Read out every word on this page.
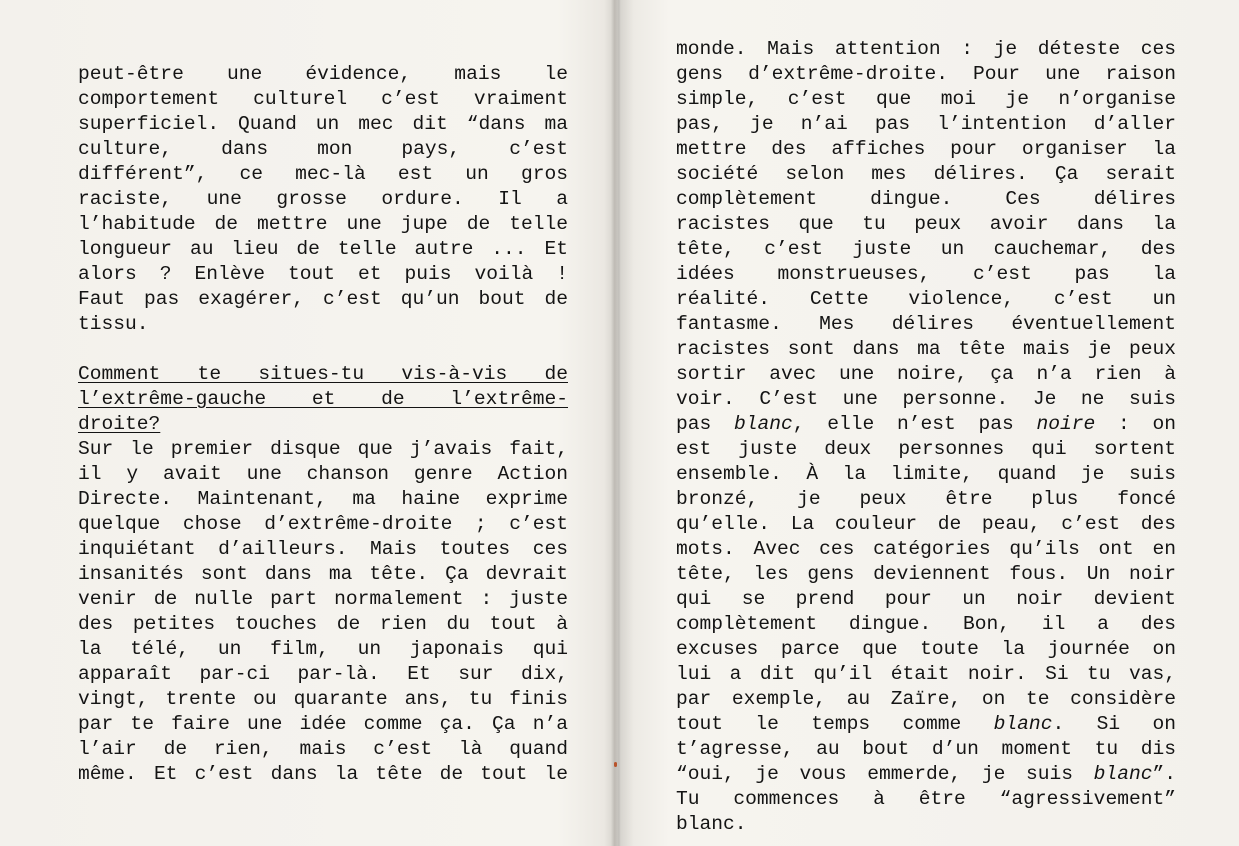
peut-être une évidence, mais le
comportement culturel c’est vraiment
superficiel. Quand un mec dit “dans ma
culture, dans mon pays, c’est
différent”, ce mec-là est un gros
raciste, une grosse ordure. Il a
l’habitude de mettre une jupe de telle
longueur au lieu de telle autre ... Et
alors ? Enlève tout et puis voilà !
Faut pas exagérer, c’est qu’un bout de
tissu.

Comment te situes-tu vis-à-vis de
l’extrême-gauche et de l’extrême-
droite?
Sur le premier disque que j’avais fait,
il y avait une chanson genre Action
Directe. Maintenant, ma haine exprime
quelque chose d’extrême-droite ; c’est
inquiétant d’ailleurs. Mais toutes ces
insanités sont dans ma tête. Ça devrait
venir de nulle part normalement : juste
des petites touches de rien du tout à
la télé, un film, un japonais qui
apparaît par-ci par-là. Et sur dix,
vingt, trente ou quarante ans, tu finis
par te faire une idée comme ça. Ça n’a
l’air de rien, mais c’est là quand
même. Et c’est dans la tête de tout le
monde. Mais attention : je déteste ces
gens d’extrême-droite. Pour une raison
simple, c’est que moi je n’organise
pas, je n’ai pas l’intention d’aller
mettre des affiches pour organiser la
société selon mes délires. Ça serait
complètement dingue. Ces délires
racistes que tu peux avoir dans la
tête, c’est juste un cauchemar, des
idées monstrueuses, c’est pas la
réalité. Cette violence, c’est un
fantasme. Mes délires éventuellement
racistes sont dans ma tête mais je peux
sortir avec une noire, ça n’a rien à
voir. C’est une personne. Je ne suis
pas blanc, elle n’est pas noire : on
est juste deux personnes qui sortent
ensemble. À la limite, quand je suis
bronzé, je peux être plus foncé
qu’elle. La couleur de peau, c’est des
mots. Avec ces catégories qu’ils ont en
tête, les gens deviennent fous. Un noir
qui se prend pour un noir devient
complètement dingue. Bon, il a des
excuses parce que toute la journée on
lui a dit qu’il était noir. Si tu vas,
par exemple, au Zaïre, on te considère
tout le temps comme blanc. Si on
t’agresse, au bout d’un moment tu dis
“oui, je vous emmerde, je suis blanc”.
Tu commences à être “agressivement”
blanc.
